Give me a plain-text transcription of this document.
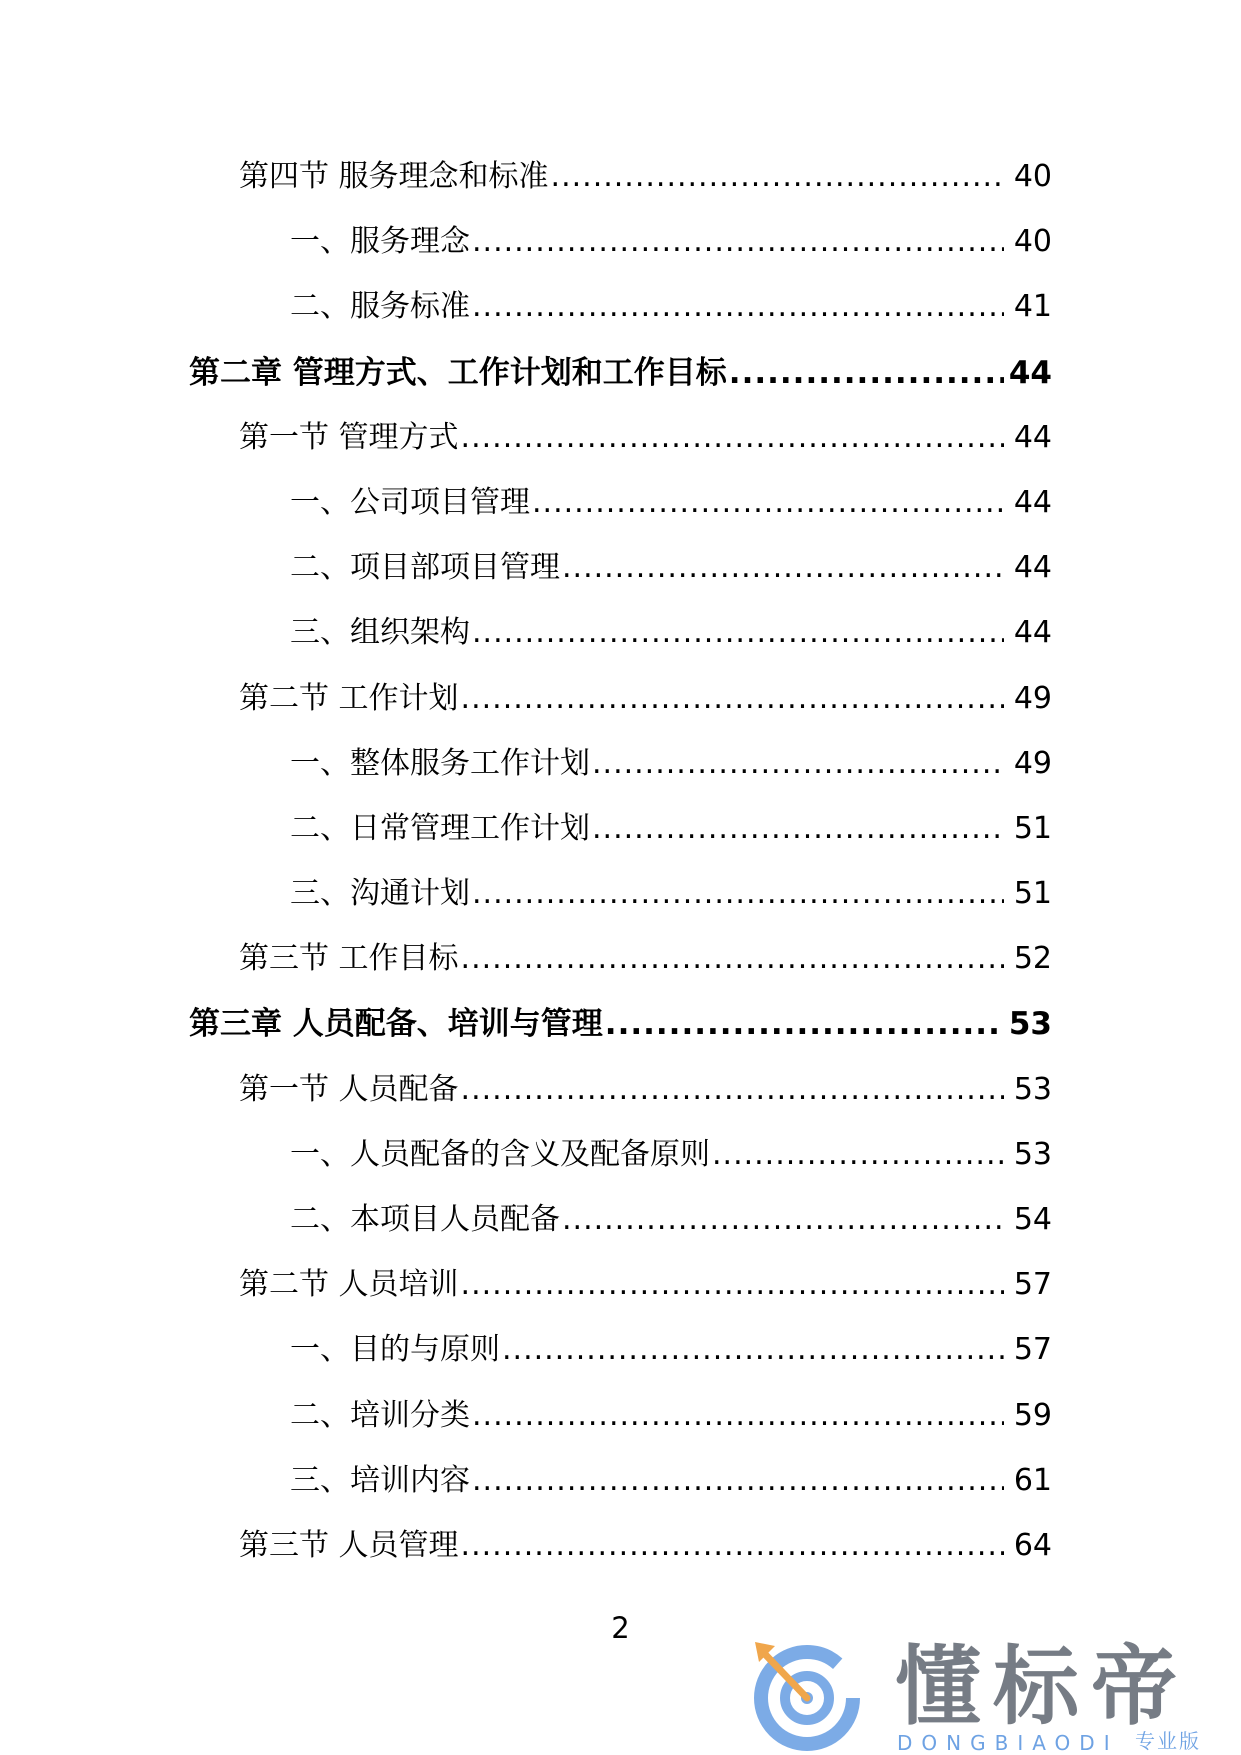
第四节 服务理念和标准 .....	40
一、服务理念 .....	40
二、服务标准 .....	41
第二章 管理方式、工作计划和工作目标 .....	44
第一节 管理方式 .....	44
一、公司项目管理 .....	44
二、项目部项目管理 .....	44
三、组织架构 .....	44
第二节 工作计划 .....	49
一、整体服务工作计划 .....	49
二、日常管理工作计划 .....	51
三、沟通计划 .....	51
第三节 工作目标 .....	52
第三章 人员配备、培训与管理 .....	53
第一节 人员配备 .....	53
一、人员配备的含义及配备原则 .....	53
二、本项目人员配备 .....	54
第二节 人员培训 .....	57
一、目的与原则 .....	57
二、培训分类 .....	59
三、培训内容 .....	61
第三节 人员管理 .....	64
2
懂标帝
DONGBIAODI 专业版
